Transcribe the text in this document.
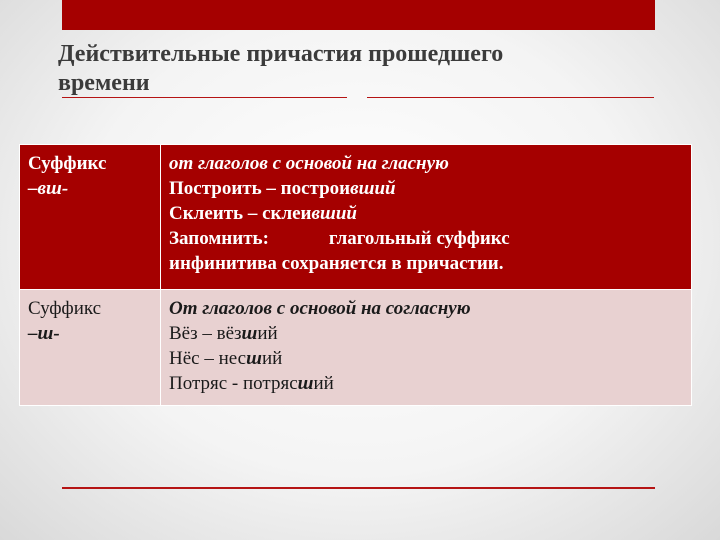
Действительные причастия прошедшего
времени
Суффикс
–вш-	от глаголов с основой на гласную
Построить – построивший
Склеить – склеивший
Запомнить: глагольный суффикс
инфинитива сохраняется в причастии.

Суффикс
–ш-	От глаголов с основой на согласную
Вёз – вёзший
Нёс – несший
Потряс - потрясший
